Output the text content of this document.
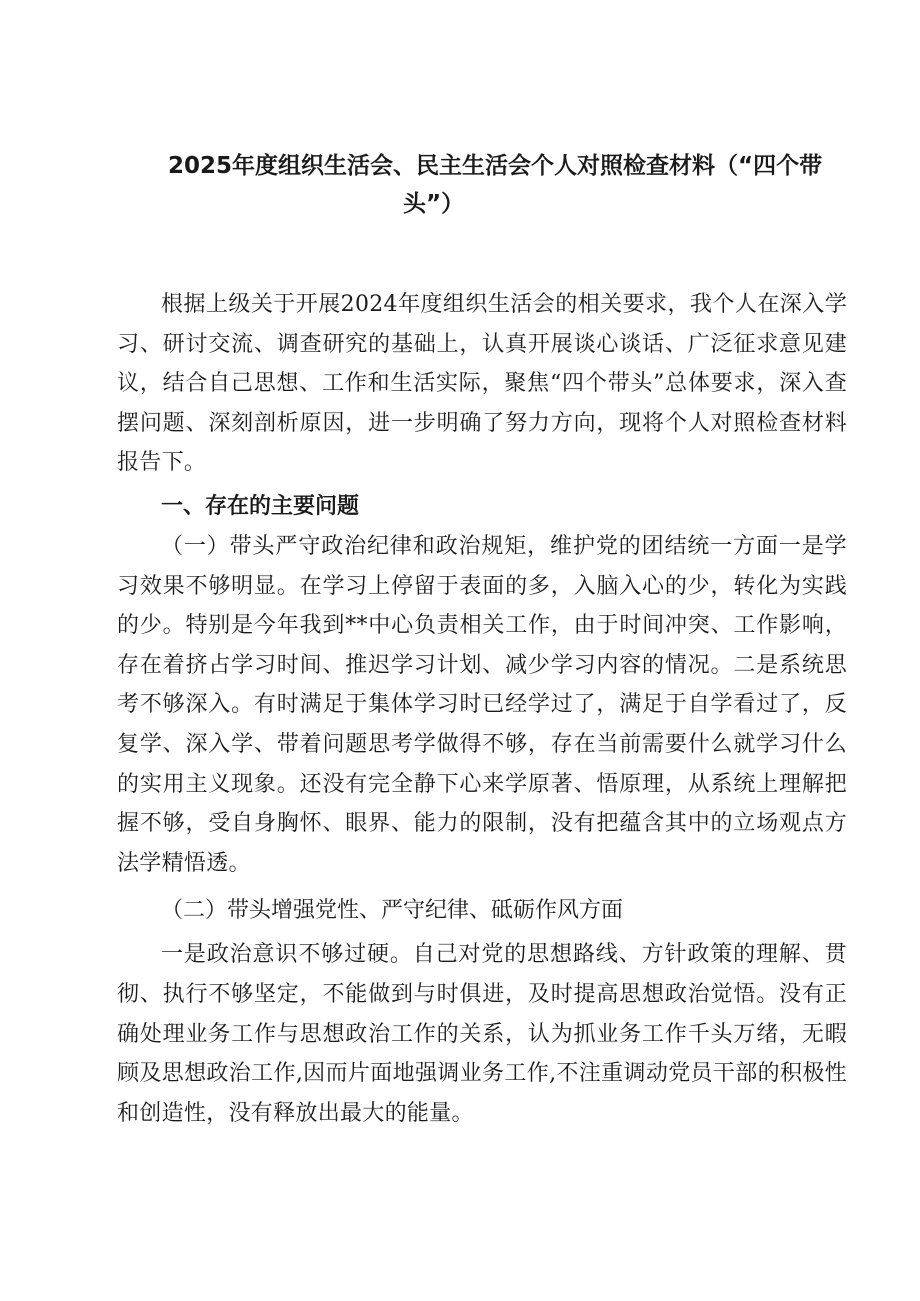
2025年度组织生活会、民主生活会个人对照检查材料（“四个带
头”）

根据上级关于开展2024年度组织生活会的相关要求，我个人在深入学习、研讨交流、调查研究的基础上，认真开展谈心谈话、广泛征求意见建议，结合自己思想、工作和生活实际，聚焦“四个带头”总体要求，深入查摆问题、深刻剖析原因，进一步明确了努力方向，现将个人对照检查材料报告下。

一、存在的主要问题

（一）带头严守政治纪律和政治规矩，维护党的团结统一方面一是学习效果不够明显。在学习上停留于表面的多，入脑入心的少，转化为实践的少。特别是今年我到**中心负责相关工作，由于时间冲突、工作影响，存在着挤占学习时间、推迟学习计划、减少学习内容的情况。二是系统思考不够深入。有时满足于集体学习时已经学过了，满足于自学看过了，反复学、深入学、带着问题思考学做得不够，存在当前需要什么就学习什么的实用主义现象。还没有完全静下心来学原著、悟原理，从系统上理解把握不够，受自身胸怀、眼界、能力的限制，没有把蕴含其中的立场观点方法学精悟透。

（二）带头增强党性、严守纪律、砥砺作风方面

一是政治意识不够过硬。自己对党的思想路线、方针政策的理解、贯彻、执行不够坚定，不能做到与时俱进，及时提高思想政治觉悟。没有正确处理业务工作与思想政治工作的关系，认为抓业务工作千头万绪，无暇顾及思想政治工作,因而片面地强调业务工作,不注重调动党员干部的积极性和创造性，没有释放出最大的能量。
